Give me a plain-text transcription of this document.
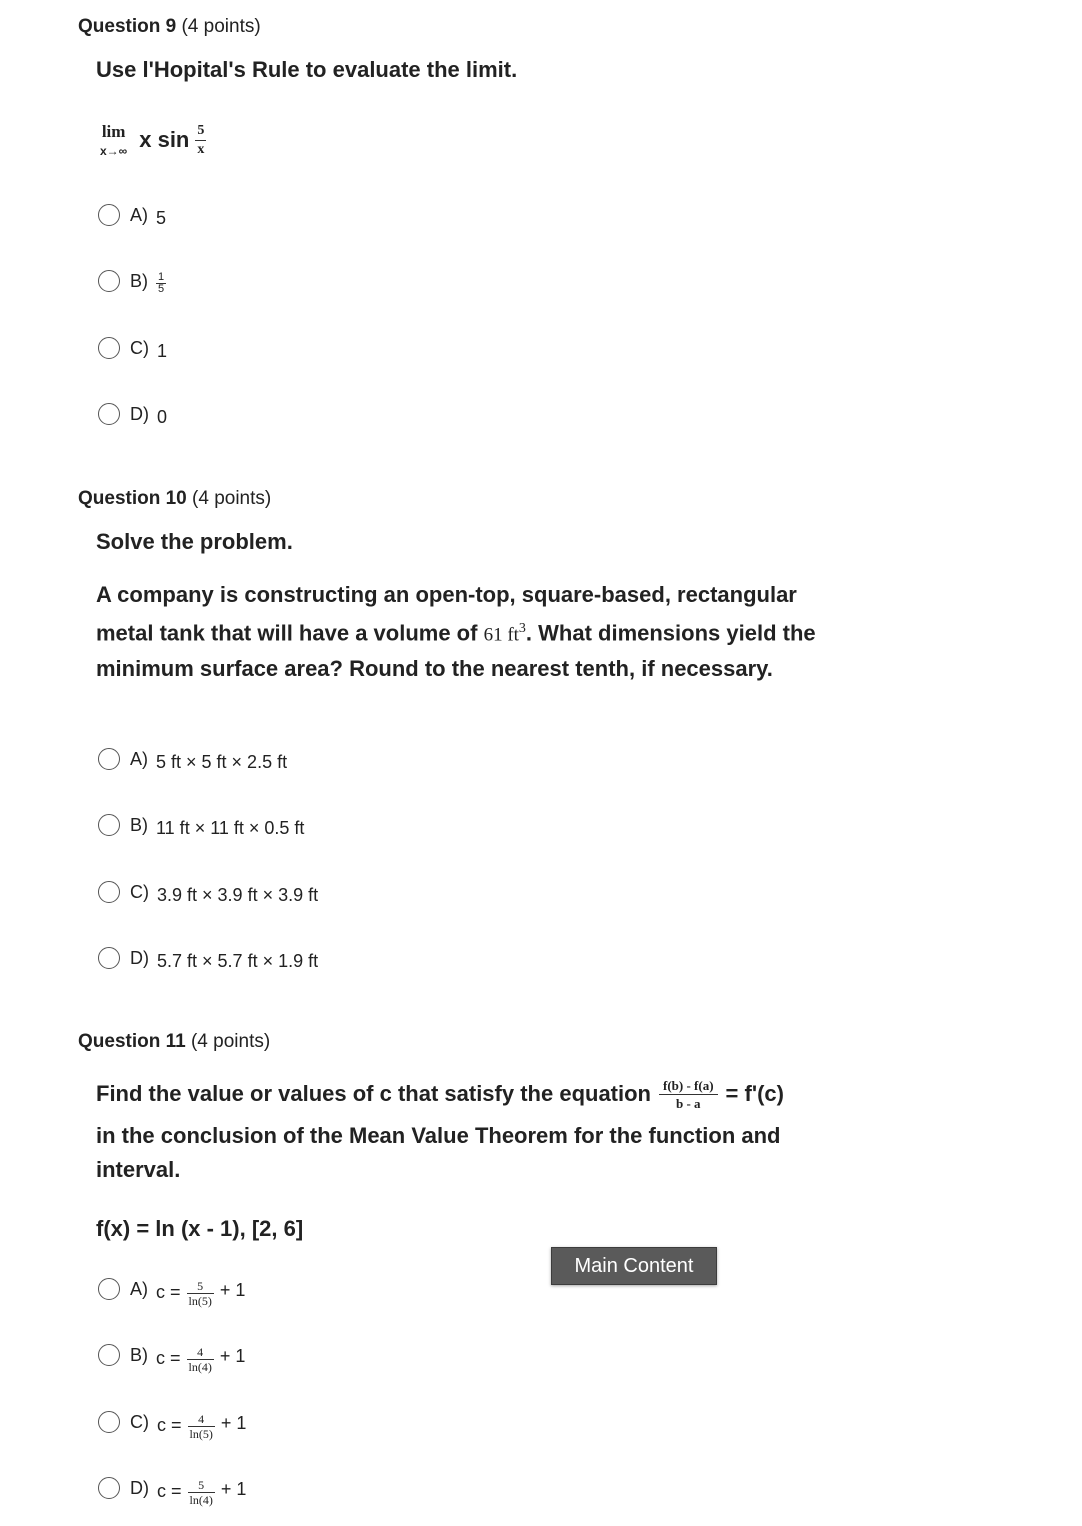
Question 9 (4 points)
Use l'Hopital's Rule to evaluate the limit.
lim
x→∞ x $\sin \frac{5}{x}$
A) 5
$B) \frac{1}{5}$
C) 1
D) 0
Question 10 (4 points)
Solve the problem.
A company is constructing an open-top, square-based, rectangular metal tank that will have a volume of 61 $ft^3$. What dimensions yield the minimum surface area? Round to the nearest tenth, if necessary.
A) 5 ft × 5 ft × 2.5 ft
B) 11 ft × 11 ft × 0.5 ft
C) 3.9 ft × 3.9 ft × 3.9 ft
D) 5.7 ft × 5.7 ft × 1.9 ft
Question 11 (4 points)
Find the value or values of c that satisfy the equation $\frac{f(b) - f(a)}{b - a} = f'(c)$
in the conclusion of the Mean Value Theorem for the function and interval.
f(x) = ln (x - 1), [2, 6]
A) $c = \frac{5}{\ln(5)} + 1$
B) $c = \frac{4}{\ln(4)} + 1$
C) $c = \frac{4}{\ln(5)} + 1$
D) $c = \frac{5}{\ln(4)} + 1$
Main Content
